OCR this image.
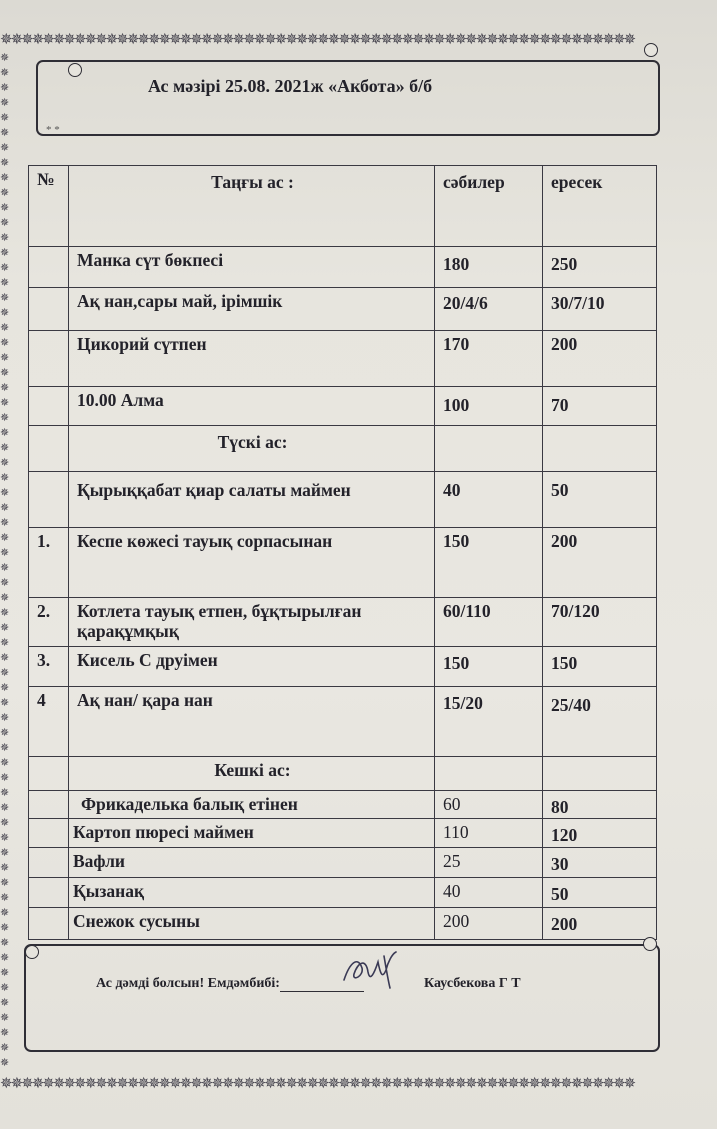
✵✵✵✵✵✵✵✵✵✵✵✵✵✵✵✵✵✵✵✵✵✵✵✵✵✵✵✵✵✵✵✵✵✵✵✵✵✵✵✵✵✵✵✵✵✵✵✵✵✵✵✵✵✵✵✵✵✵✵✵
✵✵✵✵✵✵✵✵✵✵✵✵✵✵✵✵✵✵✵✵✵✵✵✵✵✵✵✵✵✵✵✵✵✵✵✵✵✵✵✵✵✵✵✵✵✵✵✵✵✵✵✵✵✵✵✵✵✵✵✵
✵✵✵✵✵✵✵✵✵✵✵✵✵✵✵✵✵✵✵✵✵✵✵✵✵✵✵✵✵✵✵✵✵✵✵✵✵✵✵✵✵✵✵✵✵✵✵✵✵✵✵✵✵✵✵✵✵✵✵✵✵✵✵✵✵✵✵✵
Ас мәзірі 25.08. 2021ж «Акбота» б/б
* *
№	Таңғы ас :	сәбилер	ересек
	Манка сүт бөкпесі	180	250
	Ақ нан,сары май, ірімшік	20/4/6	30/7/10
	Цикорий сүтпен	170	200
	10.00 Алма	100	70
	Түскі ас:		
	Қырыққабат қиар салаты маймен	40	50
1.	Кеспе көжесі тауық сорпасынан	150	200
2.	Котлета тауық етпен, бұқтырылған қарақұмқық	60/110	70/120
3.	Кисель С друімен	150	150
4	Ақ нан/ қара нан	15/20	25/40
	Кешкі ас:		
	Фрикаделька балық етінен	60	80
	Картоп пюресі маймен	110	120
	Вафли	25	30
	Қызанақ	40	50
	Снежок сусыны	200	200
Ас дәмді болсын! Емдәмбибі:	Каусбекова Г Т
